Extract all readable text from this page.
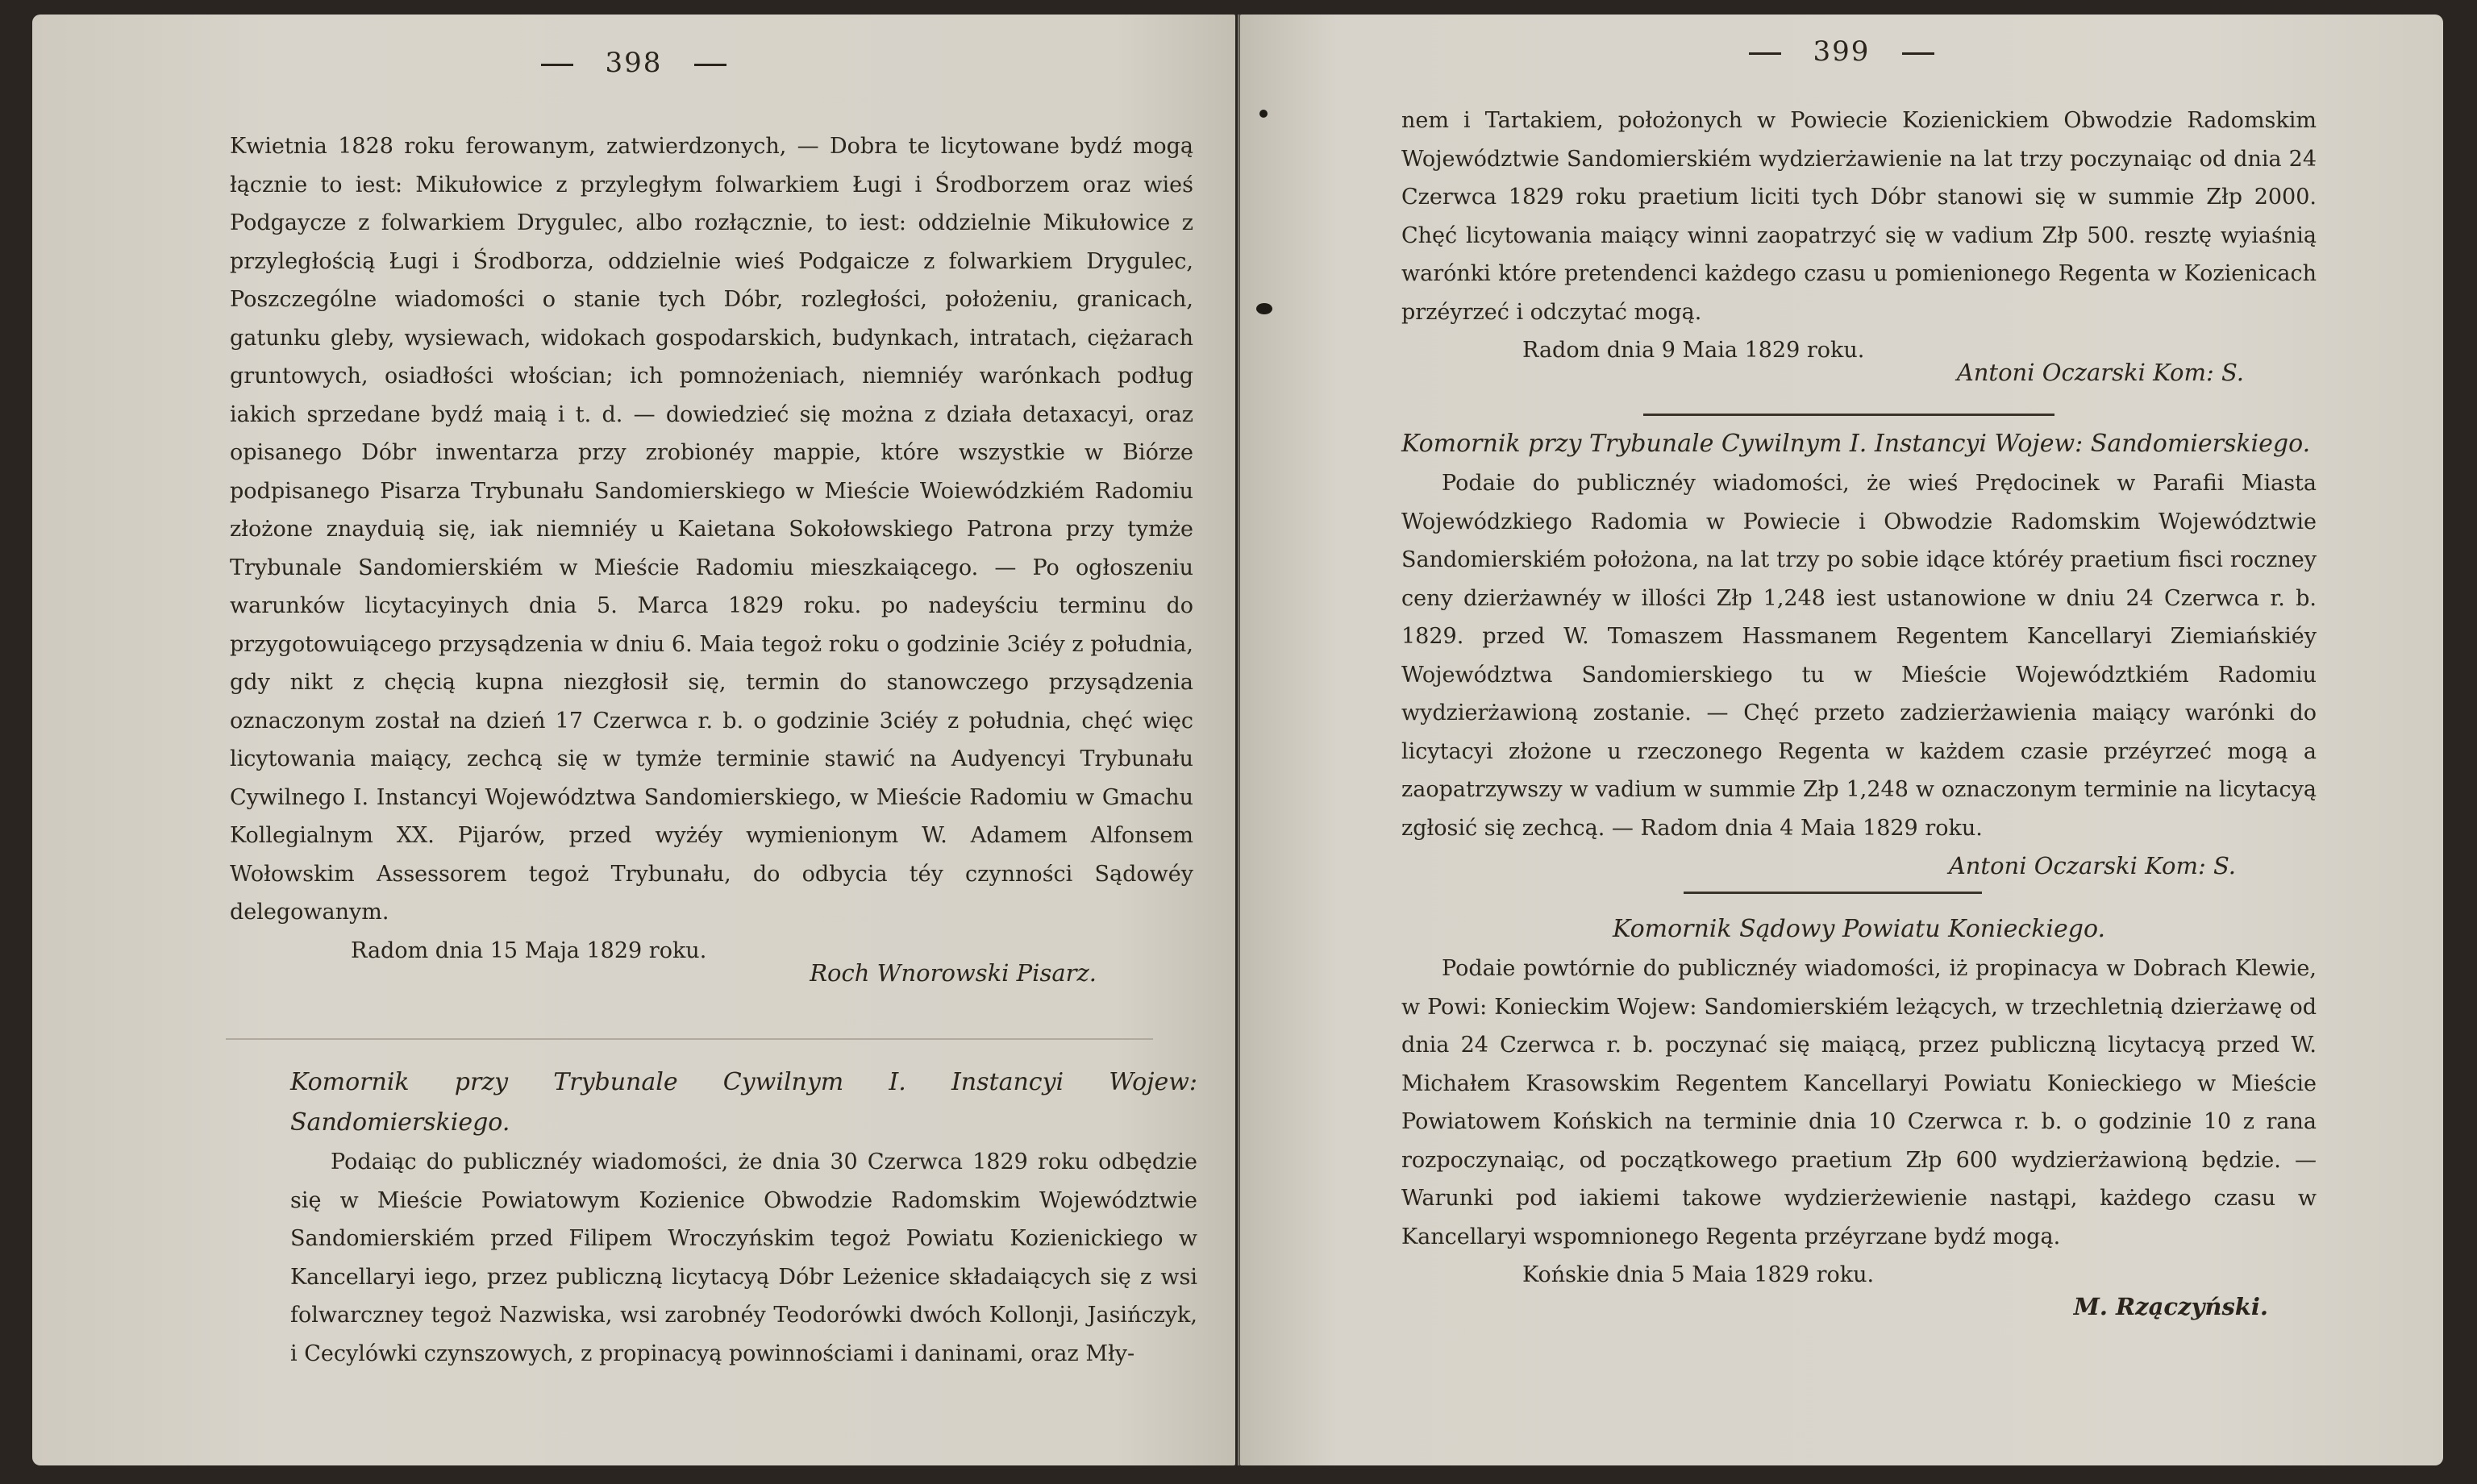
398

Kwietnia 1828 roku ferowanym, zatwierdzonych, — Dobra te licytowane bydź mogą łącznie to iest: Mikułowice z przyległym folwarkiem Ługi i Środborzem oraz wieś Podgaycze z folwarkiem Drygulec, albo rozłącznie, to iest: oddzielnie Mikułowice z przyległością Ługi i Środborza, oddzielnie wieś Podgaicze z folwarkiem Drygulec, Poszczególne wiadomości o stanie tych Dóbr, rozległości, położeniu, granicach, gatunku gleby, wysiewach, widokach gospodarskich, budynkach, intratach, ciężarach gruntowych, osiadłości włościan; ich pomnożeniach, niemniéy warónkach podług iakich sprzedane bydź maią i t. d. — dowiedzieć się można z działa detaxacyi, oraz opisanego Dóbr inwentarza przy zrobionéy mappie, które wszystkie w Biórze podpisanego Pisarza Trybunału Sandomierskiego w Mieście Woiewódzkiém Radomiu złożone znayduią się, iak niemniéy u Kaietana Sokołowskiego Patrona przy tymże Trybunale Sandomierskiém w Mieście Radomiu mieszkaiącego. — Po ogłoszeniu warunków licytacyinych dnia 5. Marca 1829 roku. po nadeyściu terminu do przygotowuiącego przysądzenia w dniu 6. Maia tegoż roku o godzinie 3ciéy z południa, gdy nikt z chęcią kupna niezgłosił się, termin do stanowczego przysądzenia oznaczonym został na dzień 17 Czerwca r. b. o godzinie 3ciéy z południa, chęć więc licytowania maiący, zechcą się w tymże terminie stawić na Audyencyi Trybunału Cywilnego I. Instancyi Województwa Sandomierskiego, w Mieście Radomiu w Gmachu Kollegialnym XX. Pijarów, przed wyżéy wymienionym W. Adamem Alfonsem Wołowskim Assessorem tegoż Trybunału, do odbycia téy czynności Sądowéy delegowanym.

Radom dnia 15 Maja 1829 roku.
Roch Wnorowski Pisarz.

Komornik przy Trybunale Cywilnym I. Instancyi Wojew: Sandomierskiego.

Podaiąc do publicznéy wiadomości, że dnia 30 Czerwca 1829 roku odbędzie się w Mieście Powiatowym Kozienice Obwodzie Radomskim Województwie Sandomierskiém przed Filipem Wroczyńskim tegoż Powiatu Kozienickiego w Kancellaryi iego, przez publiczną licytacyą Dóbr Leżenice składaiących się z wsi folwarczney tegoż Nazwiska, wsi zarobnéy Teodorówki dwóch Kollonji, Jasińczyk, i Cecylówki czynszowych, z propinacyą powinnościami i daninami, oraz Mły-

399

nem i Tartakiem, położonych w Powiecie Kozienickiem Obwodzie Radomskim Województwie Sandomierskiém wydzierżawienie na lat trzy poczynaiąc od dnia 24 Czerwca 1829 roku praetium liciti tych Dóbr stanowi się w summie Złp 2000. Chęć licytowania maiący winni zaopatrzyć się w vadium Złp 500. resztę wyiaśnią warónki które pretendenci każdego czasu u pomienionego Regenta w Kozienicach przéyrzeć i odczytać mogą.

Radom dnia 9 Maia 1829 roku.

Antoni Oczarski Kom: S.

Komornik przy Trybunale Cywilnym I. Instancyi Wojew: Sandomierskiego.

Podaie do publicznéy wiadomości, że wieś Prędocinek w Parafii Miasta Wojewódzkiego Radomia w Powiecie i Obwodzie Radomskim Województwie Sandomierskiém położona, na lat trzy po sobie idące któréy praetium fisci roczney ceny dzierżawnéy w illości Złp 1,248 iest ustanowione w dniu 24 Czerwca r. b. 1829. przed W. Tomaszem Hassmanem Regentem Kancellaryi Ziemiańskiéy Województwa Sandomierskiego tu w Mieście Województkiém Radomiu wydzierżawioną zostanie. — Chęć przeto zadzierżawienia maiący warónki do licytacyi złożone u rzeczonego Regenta w każdem czasie przéyrzeć mogą a zaopatrzywszy w vadium w summie Złp 1,248 w oznaczonym terminie na licytacyą zgłosić się zechcą. — Radom dnia 4 Maia 1829 roku.

Antoni Oczarski Kom: S.

Komornik Sądowy Powiatu Konieckiego.

Podaie powtórnie do publicznéy wiadomości, iż propinacya w Dobrach Klewie, w Powi: Konieckim Wojew: Sandomierskiém leżących, w trzechletnią dzierżawę od dnia 24 Czerwca r. b. poczynać się maiącą, przez publiczną licytacyą przed W. Michałem Krasowskim Regentem Kancellaryi Powiatu Konieckiego w Mieście Powiatowem Końskich na terminie dnia 10 Czerwca r. b. o godzinie 10 z rana rozpoczynaiąc, od początkowego praetium Złp 600 wydzierżawioną będzie. — Warunki pod iakiemi takowe wydzierżewienie nastąpi, każdego czasu w Kancellaryi wspomnionego Regenta przéyrzane bydź mogą.

Końskie dnia 5 Maia 1829 roku.

M. Rzączyński.
